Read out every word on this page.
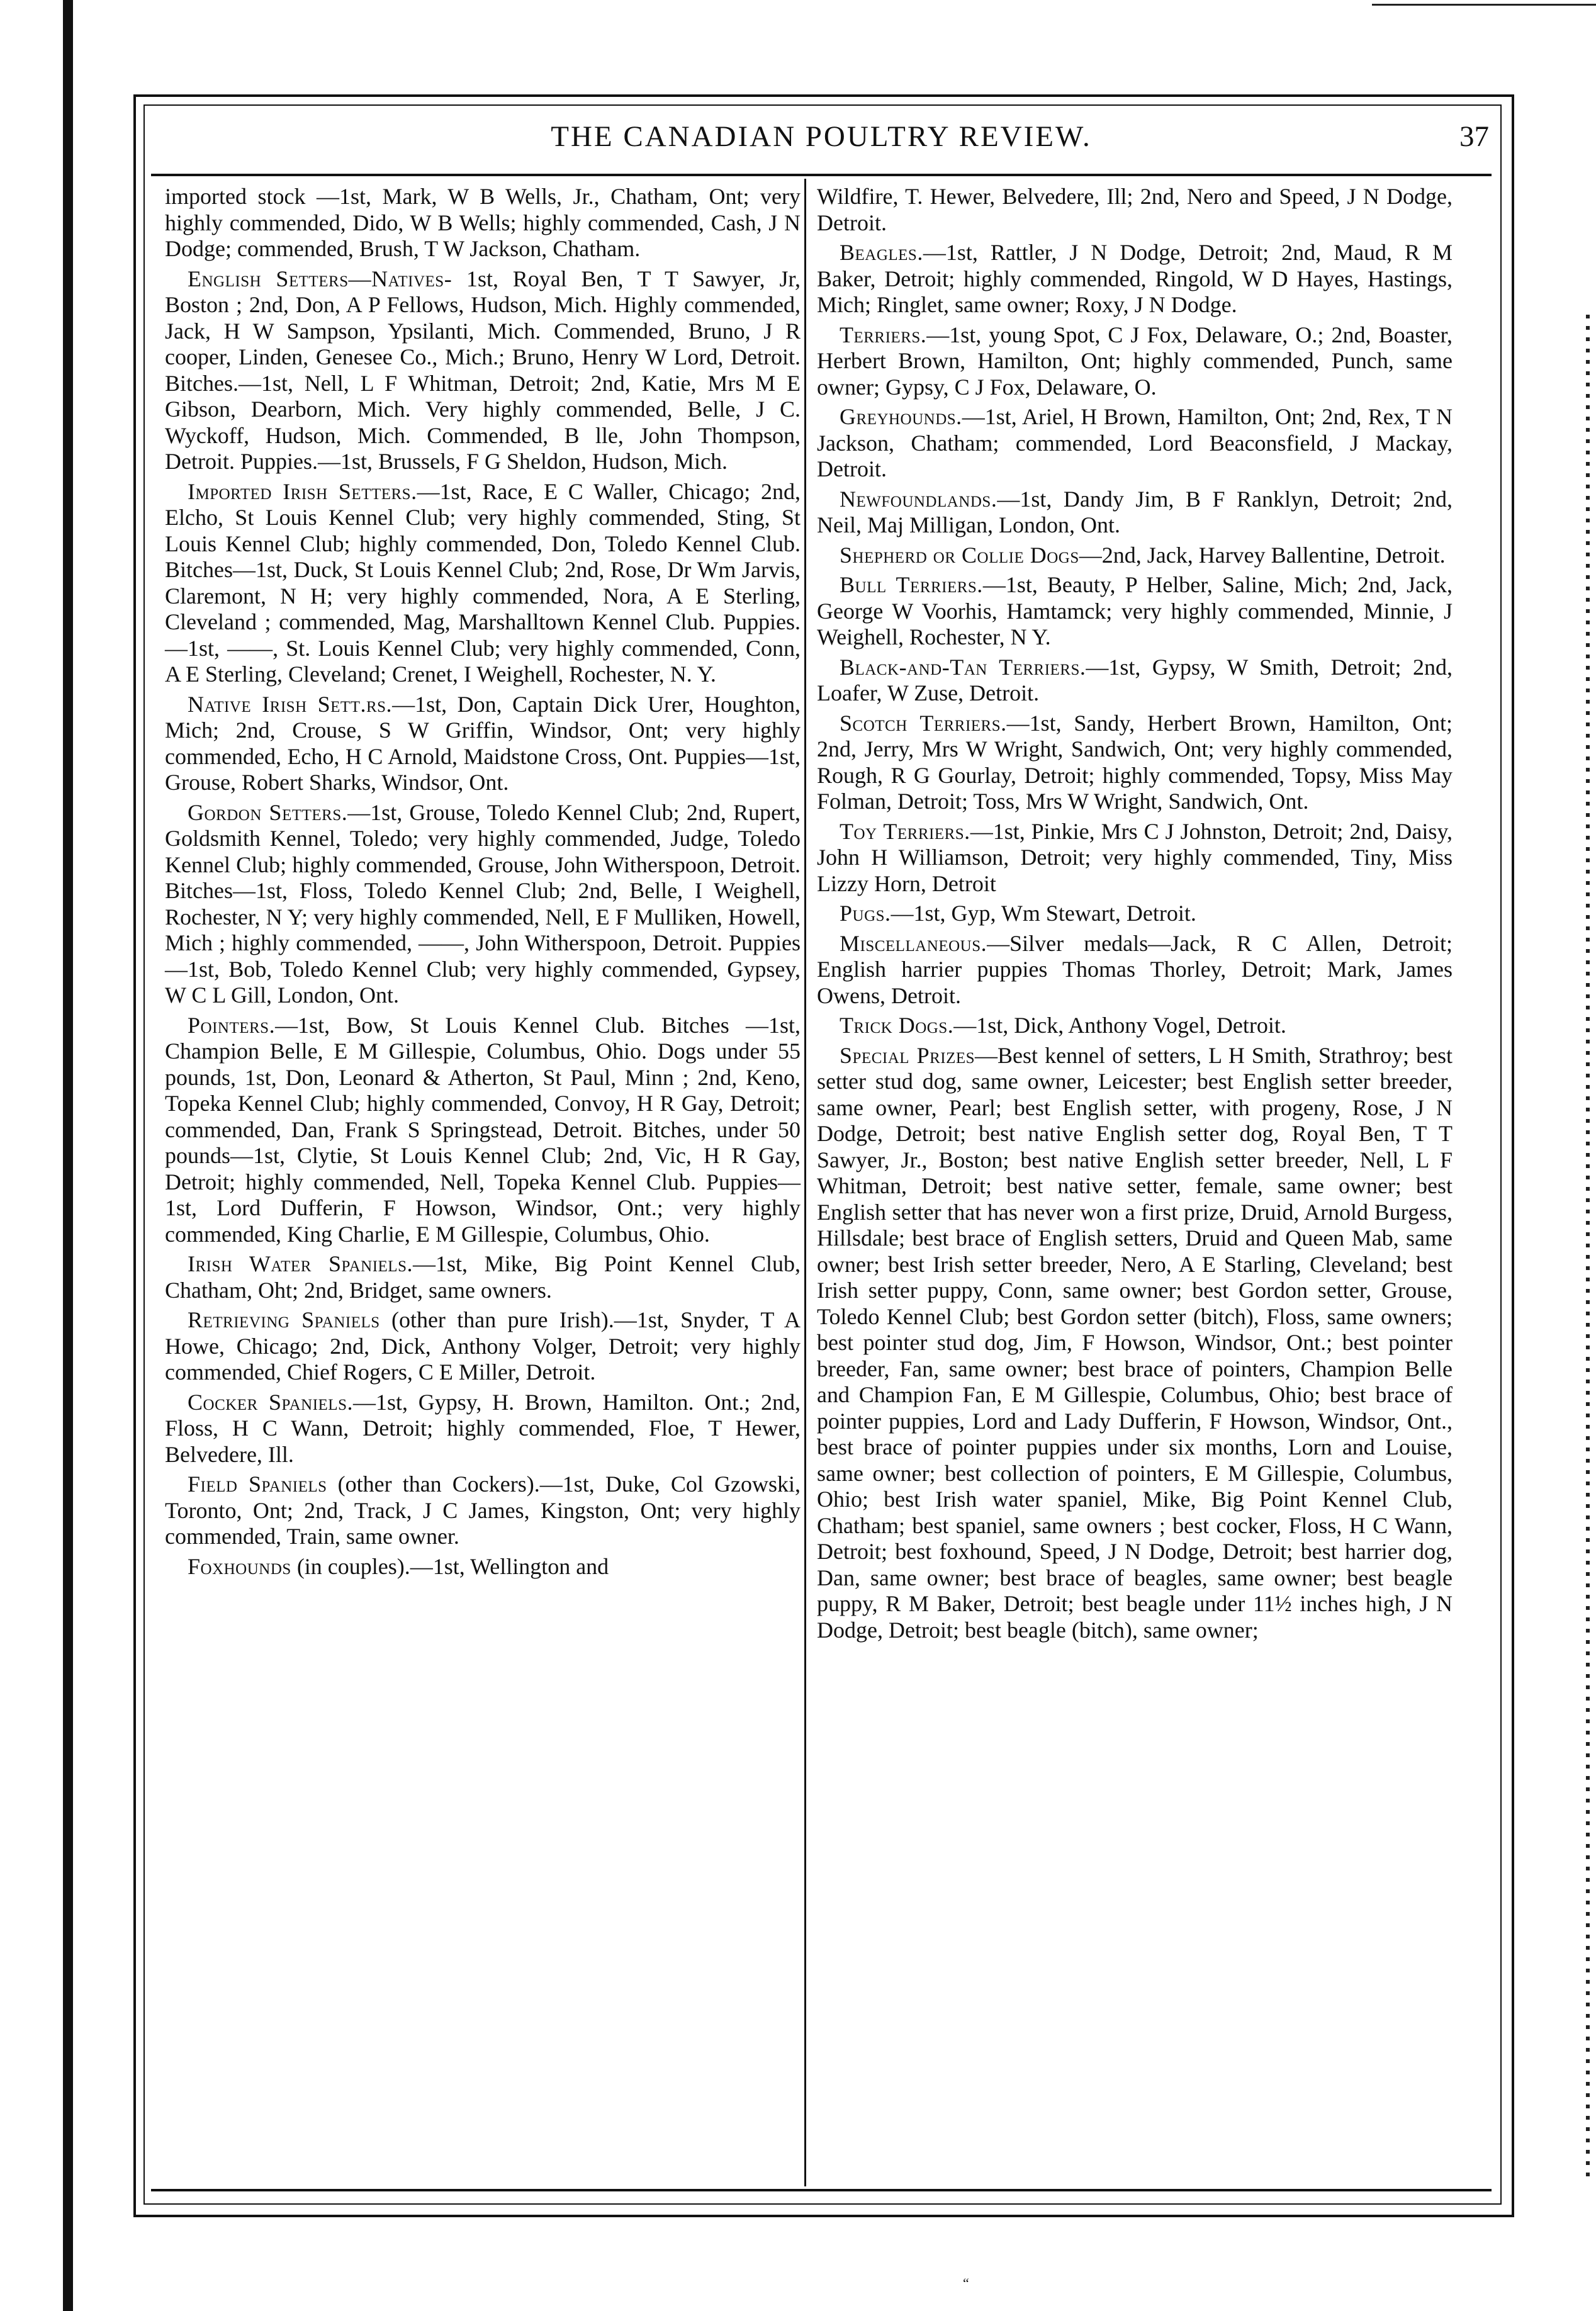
THE CANADIAN POULTRY REVIEW.	37

imported stock —1st, Mark, W B Wells, Jr., Chatham, Ont; very highly commended, Dido, W B Wells; highly commended, Cash, J N Dodge; commended, Brush, T W Jackson, Chatham.

English Setters—Natives- 1st, Royal Ben, T T Sawyer, Jr, Boston ; 2nd, Don, A P Fellows, Hudson, Mich. Highly commended, Jack, H W Sampson, Ypsilanti, Mich. Commended, Bruno, J R cooper, Linden, Genesee Co., Mich.; Bruno, Henry W Lord, Detroit. Bitches.—1st, Nell, L F Whitman, Detroit; 2nd, Katie, Mrs M E Gibson, Dearborn, Mich. Very highly commended, Belle, J C. Wyckoff, Hudson, Mich. Commended, B lle, John Thompson, Detroit. Puppies.—1st, Brussels, F G Sheldon, Hudson, Mich.

Imported Irish Setters.—1st, Race, E C Waller, Chicago; 2nd, Elcho, St Louis Kennel Club; very highly commended, Sting, St Louis Kennel Club; highly commended, Don, Toledo Kennel Club. Bitches—1st, Duck, St Louis Kennel Club; 2nd, Rose, Dr Wm Jarvis, Claremont, N H; very highly commended, Nora, A E Sterling, Cleveland ; commended, Mag, Marshalltown Kennel Club. Puppies.—1st, ——, St. Louis Kennel Club; very highly commended, Conn, A E Sterling, Cleveland; Crenet, I Weighell, Rochester, N. Y.

Native Irish Sett.rs.—1st, Don, Captain Dick Urer, Houghton, Mich; 2nd, Crouse, S W Griffin, Windsor, Ont; very highly commended, Echo, H C Arnold, Maidstone Cross, Ont. Puppies—1st, Grouse, Robert Sharks, Windsor, Ont.

Gordon Setters.—1st, Grouse, Toledo Kennel Club; 2nd, Rupert, Goldsmith Kennel, Toledo; very highly commended, Judge, Toledo Kennel Club; highly commended, Grouse, John Witherspoon, Detroit. Bitches—1st, Floss, Toledo Kennel Club; 2nd, Belle, I Weighell, Rochester, N Y; very highly commended, Nell, E F Mulliken, Howell, Mich ; highly commended, ——, John Witherspoon, Detroit. Puppies—1st, Bob, Toledo Kennel Club; very highly commended, Gypsey, W C L Gill, London, Ont.

Pointers.—1st, Bow, St Louis Kennel Club. Bitches —1st, Champion Belle, E M Gillespie, Columbus, Ohio. Dogs under 55 pounds, 1st, Don, Leonard & Atherton, St Paul, Minn ; 2nd, Keno, Topeka Kennel Club; highly commended, Convoy, H R Gay, Detroit; commended, Dan, Frank S Springstead, Detroit. Bitches, under 50 pounds—1st, Clytie, St Louis Kennel Club; 2nd, Vic, H R Gay, Detroit; highly commended, Nell, Topeka Kennel Club. Puppies—1st, Lord Dufferin, F Howson, Windsor, Ont.; very highly commended, King Charlie, E M Gillespie, Columbus, Ohio.

Irish Water Spaniels.—1st, Mike, Big Point Kennel Club, Chatham, Oht; 2nd, Bridget, same owners.

Retrieving Spaniels (other than pure Irish).—1st, Snyder, T A Howe, Chicago; 2nd, Dick, Anthony Volger, Detroit; very highly commended, Chief Rogers, C E Miller, Detroit.

Cocker Spaniels.—1st, Gypsy, H. Brown, Hamilton. Ont.; 2nd, Floss, H C Wann, Detroit; highly commended, Floe, T Hewer, Belvedere, Ill.

Field Spaniels (other than Cockers).—1st, Duke, Col Gzowski, Toronto, Ont; 2nd, Track, J C James, Kingston, Ont; very highly commended, Train, same owner.

Foxhounds (in couples).—1st, Wellington and

Wildfire, T. Hewer, Belvedere, Ill; 2nd, Nero and Speed, J N Dodge, Detroit.

Beagles.—1st, Rattler, J N Dodge, Detroit; 2nd, Maud, R M Baker, Detroit; highly commended, Ringold, W D Hayes, Hastings, Mich; Ringlet, same owner; Roxy, J N Dodge.

Terriers.—1st, young Spot, C J Fox, Delaware, O.; 2nd, Boaster, Herbert Brown, Hamilton, Ont; highly commended, Punch, same owner; Gypsy, C J Fox, Delaware, O.

Greyhounds.—1st, Ariel, H Brown, Hamilton, Ont; 2nd, Rex, T N Jackson, Chatham; commended, Lord Beaconsfield, J Mackay, Detroit.

Newfoundlands.—1st, Dandy Jim, B F Ranklyn, Detroit; 2nd, Neil, Maj Milligan, London, Ont.

Shepherd or Collie Dogs—2nd, Jack, Harvey Ballentine, Detroit.

Bull Terriers.—1st, Beauty, P Helber, Saline, Mich; 2nd, Jack, George W Voorhis, Hamtamck; very highly commended, Minnie, J Weighell, Rochester, N Y.

Black-and-Tan Terriers.—1st, Gypsy, W Smith, Detroit; 2nd, Loafer, W Zuse, Detroit.

Scotch Terriers.—1st, Sandy, Herbert Brown, Hamilton, Ont; 2nd, Jerry, Mrs W Wright, Sandwich, Ont; very highly commended, Rough, R G Gourlay, Detroit; highly commended, Topsy, Miss May Folman, Detroit; Toss, Mrs W Wright, Sandwich, Ont.

Toy Terriers.—1st, Pinkie, Mrs C J Johnston, Detroit; 2nd, Daisy, John H Williamson, Detroit; very highly commended, Tiny, Miss Lizzy Horn, Detroit

Pugs.—1st, Gyp, Wm Stewart, Detroit.

Miscellaneous.—Silver medals—Jack, R C Allen, Detroit; English harrier puppies Thomas Thorley, Detroit; Mark, James Owens, Detroit.

Trick Dogs.—1st, Dick, Anthony Vogel, Detroit.

Special Prizes—Best kennel of setters, L H Smith, Strathroy; best setter stud dog, same owner, Leicester; best English setter breeder, same owner, Pearl; best English setter, with progeny, Rose, J N Dodge, Detroit; best native English setter dog, Royal Ben, T T Sawyer, Jr., Boston; best native English setter breeder, Nell, L F Whitman, Detroit; best native setter, female, same owner; best English setter that has never won a first prize, Druid, Arnold Burgess, Hillsdale; best brace of English setters, Druid and Queen Mab, same owner; best Irish setter breeder, Nero, A E Starling, Cleveland; best Irish setter puppy, Conn, same owner; best Gordon setter, Grouse, Toledo Kennel Club; best Gordon setter (bitch), Floss, same owners; best pointer stud dog, Jim, F Howson, Windsor, Ont.; best pointer breeder, Fan, same owner; best brace of pointers, Champion Belle and Champion Fan, E M Gillespie, Columbus, Ohio; best brace of pointer puppies, Lord and Lady Dufferin, F Howson, Windsor, Ont., best brace of pointer puppies under six months, Lorn and Louise, same owner; best collection of pointers, E M Gillespie, Columbus, Ohio; best Irish water spaniel, Mike, Big Point Kennel Club, Chatham; best spaniel, same owners ; best cocker, Floss, H C Wann, Detroit; best foxhound, Speed, J N Dodge, Detroit; best harrier dog, Dan, same owner; best brace of beagles, same owner; best beagle puppy, R M Baker, Detroit; best beagle under 11½ inches high, J N Dodge, Detroit; best beagle (bitch), same owner;

“
